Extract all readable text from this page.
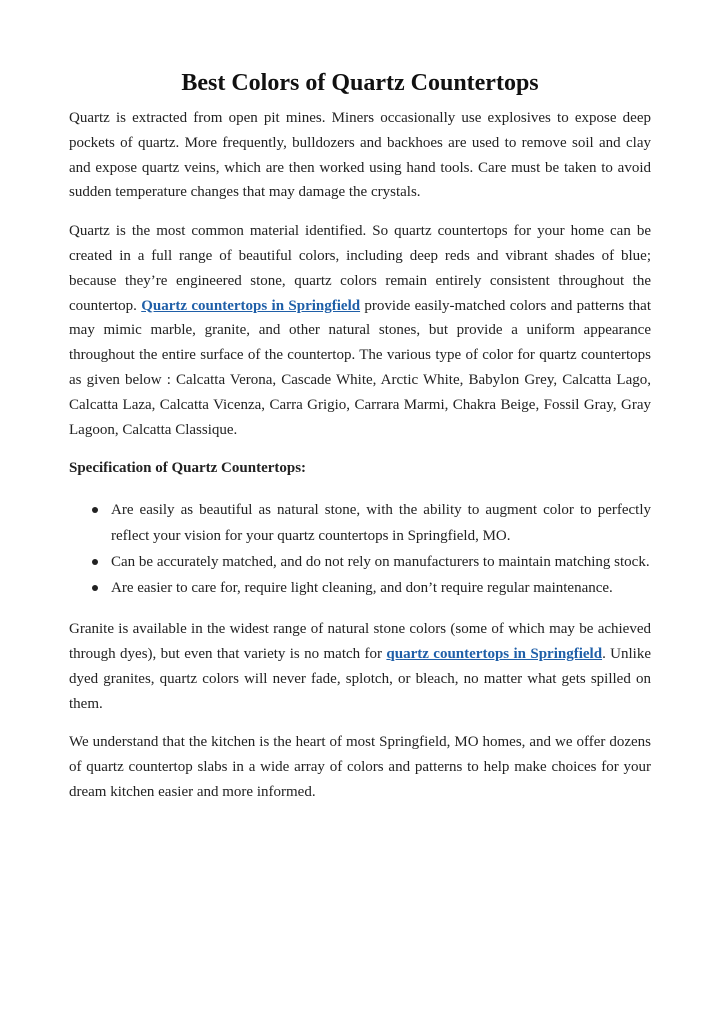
Best Colors of Quartz Countertops

Quartz is extracted from open pit mines. Miners occasionally use explosives to expose deep pockets of quartz. More frequently, bulldozers and backhoes are used to remove soil and clay and expose quartz veins, which are then worked using hand tools. Care must be taken to avoid sudden temperature changes that may damage the crystals.

Quartz is the most common material identified. So quartz countertops for your home can be created in a full range of beautiful colors, including deep reds and vibrant shades of blue; because they’re engineered stone, quartz colors remain entirely consistent throughout the countertop. Quartz countertops in Springfield provide easily-matched colors and patterns that may mimic marble, granite, and other natural stones, but provide a uniform appearance throughout the entire surface of the countertop. The various type of color for quartz countertops as given below : Calcatta Verona, Cascade White, Arctic White, Babylon Grey, Calcatta Lago, Calcatta Laza, Calcatta Vicenza, Carra Grigio, Carrara Marmi, Chakra Beige, Fossil Gray, Gray Lagoon, Calcatta Classique.

Specification of Quartz Countertops:

Are easily as beautiful as natural stone, with the ability to augment color to perfectly reflect your vision for your quartz countertops in Springfield, MO.
Can be accurately matched, and do not rely on manufacturers to maintain matching stock.
Are easier to care for, require light cleaning, and don’t require regular maintenance.

Granite is available in the widest range of natural stone colors (some of which may be achieved through dyes), but even that variety is no match for quartz countertops in Springfield. Unlike dyed granites, quartz colors will never fade, splotch, or bleach, no matter what gets spilled on them.

We understand that the kitchen is the heart of most Springfield, MO homes, and we offer dozens of quartz countertop slabs in a wide array of colors and patterns to help make choices for your dream kitchen easier and more informed.
